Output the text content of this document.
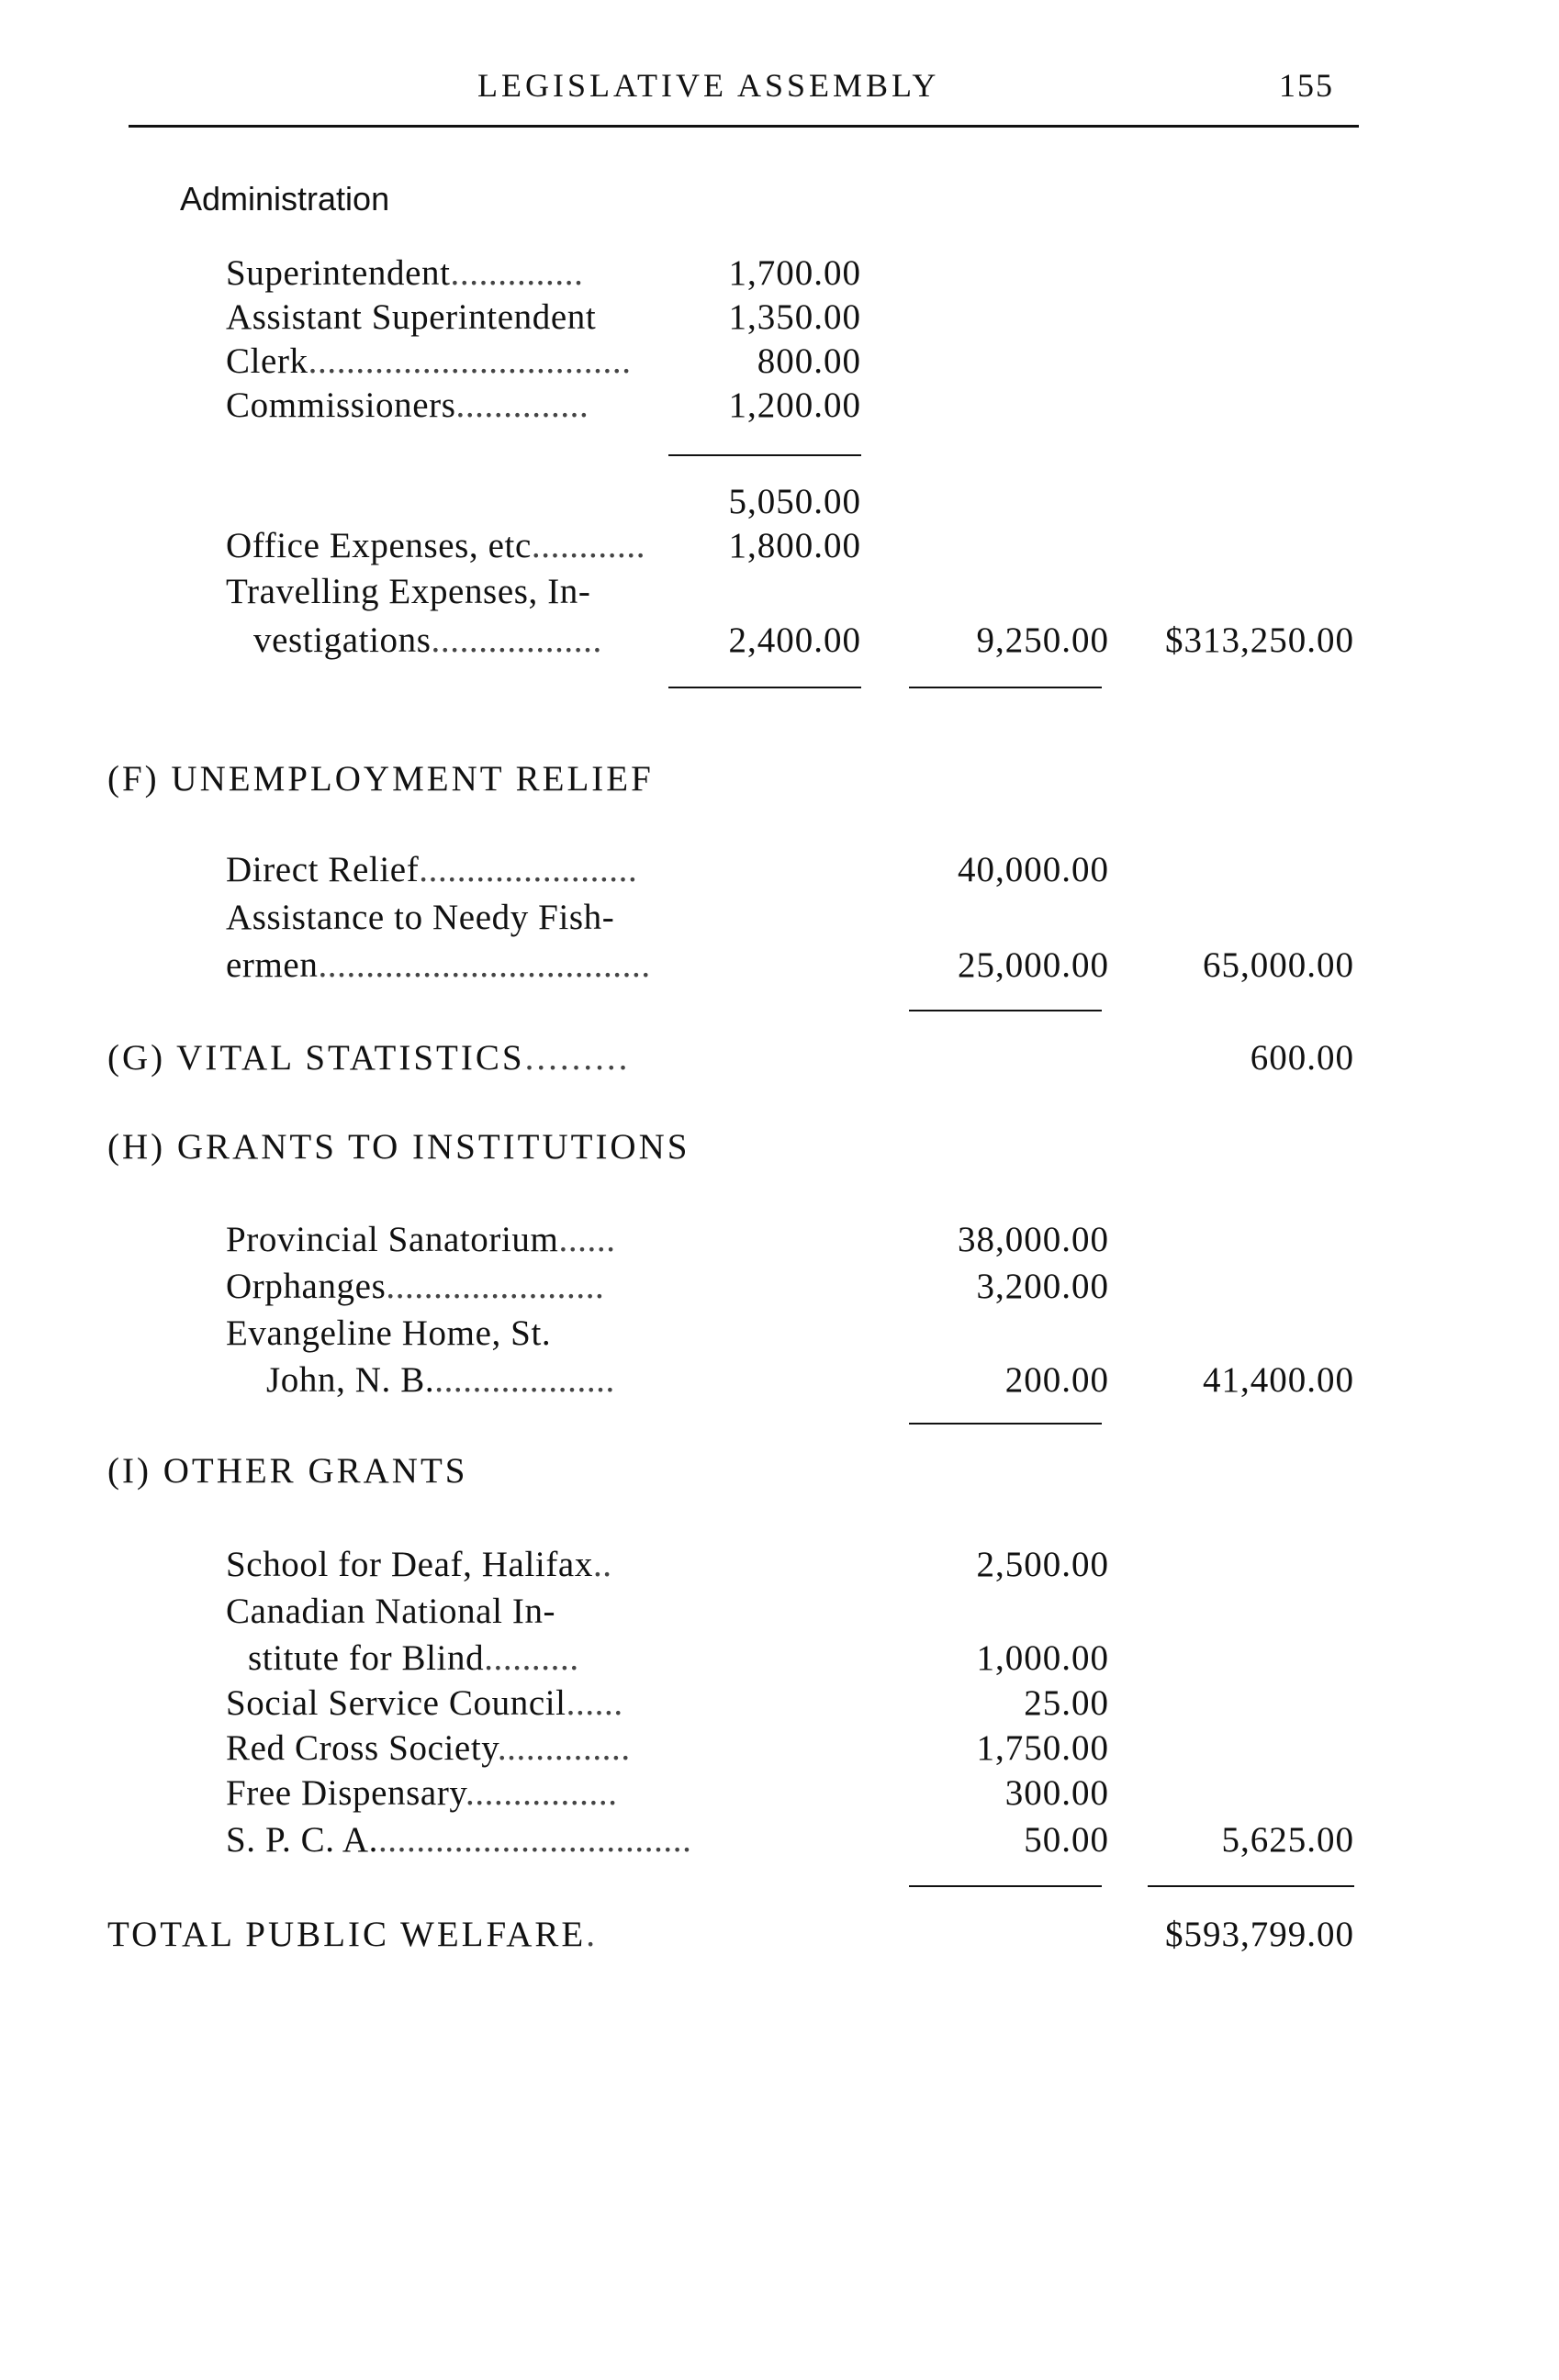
LEGISLATIVE ASSEMBLY	155
Administration
Superintendent..............	1,700.00
Assistant Superintendent	1,350.00
Clerk..................................	800.00
Commissioners..............	1,200.00
5,050.00
Office Expenses, etc............	1,800.00
Travelling Expenses, In-
vestigations..................	2,400.00	9,250.00	$313,250.00
(F) UNEMPLOYMENT RELIEF
Direct Relief.......................	40,000.00
Assistance to Needy Fish-
ermen...................................	25,000.00	65,000.00
(G) VITAL STATISTICS.........	600.00
(H) GRANTS TO INSTITUTIONS
Provincial Sanatorium......	38,000.00
Orphanges.......................	3,200.00
Evangeline Home, St.
John, N. B....................	200.00	41,400.00
(I) OTHER GRANTS
School for Deaf, Halifax..	2,500.00
Canadian National In-
stitute for Blind..........	1,000.00
Social Service Council......	25.00
Red Cross Society..............	1,750.00
Free Dispensary................	300.00
S. P. C. A..................................	50.00	5,625.00
TOTAL PUBLIC WELFARE.	$593,799.00
